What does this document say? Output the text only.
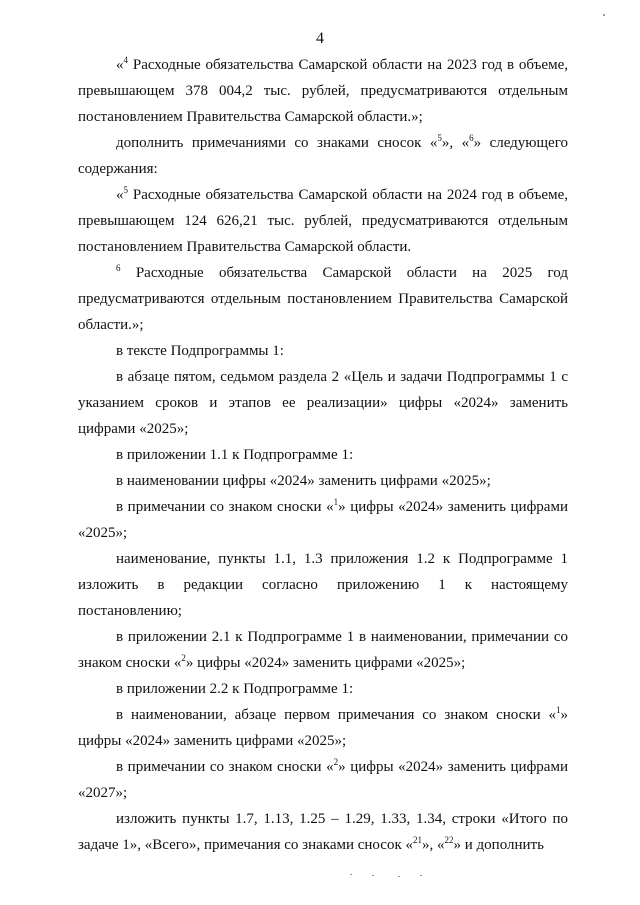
4

«$^4$ Расходные обязательства Самарской области на 2023 год в объеме, превышающем 378 004,2 тыс. рублей, предусматриваются отдельным постановлением Правительства Самарской области.»;

дополнить примечаниями со знаками сносок «$^5$», «$^6$» следующего содержания:

«$^5$ Расходные обязательства Самарской области на 2024 год в объеме, превышающем 124 626,21 тыс. рублей, предусматриваются отдельным постановлением Правительства Самарской области.

$^6$ Расходные обязательства Самарской области на 2025 год предусматриваются отдельным постановлением Правительства Самарской области.»;

в тексте Подпрограммы 1:

в абзаце пятом, седьмом раздела 2 «Цель и задачи Подпрограммы 1 с указанием сроков и этапов ее реализации» цифры «2024» заменить цифрами «2025»;

в приложении 1.1 к Подпрограмме 1:

в наименовании цифры «2024» заменить цифрами «2025»;

в примечании со знаком сноски «$^1$» цифры «2024» заменить цифрами «2025»;

наименование, пункты 1.1, 1.3 приложения 1.2 к Подпрограмме 1 изложить в редакции согласно приложению 1 к настоящему постановлению;

в приложении 2.1 к Подпрограмме 1 в наименовании, примечании со знаком сноски «$^2$» цифры «2024» заменить цифрами «2025»;

в приложении 2.2 к Подпрограмме 1:

в наименовании, абзаце первом примечания со знаком сноски «$^1$» цифры «2024» заменить цифрами «2025»;

в примечании со знаком сноски «$^2$» цифры «2024» заменить цифрами «2027»;

изложить пункты 1.7, 1.13, 1.25 – 1.29, 1.33, 1.34, строки «Итого по задаче 1», «Всего», примечания со знаками сносок «$^{21}$», «$^{22}$» и дополнить
